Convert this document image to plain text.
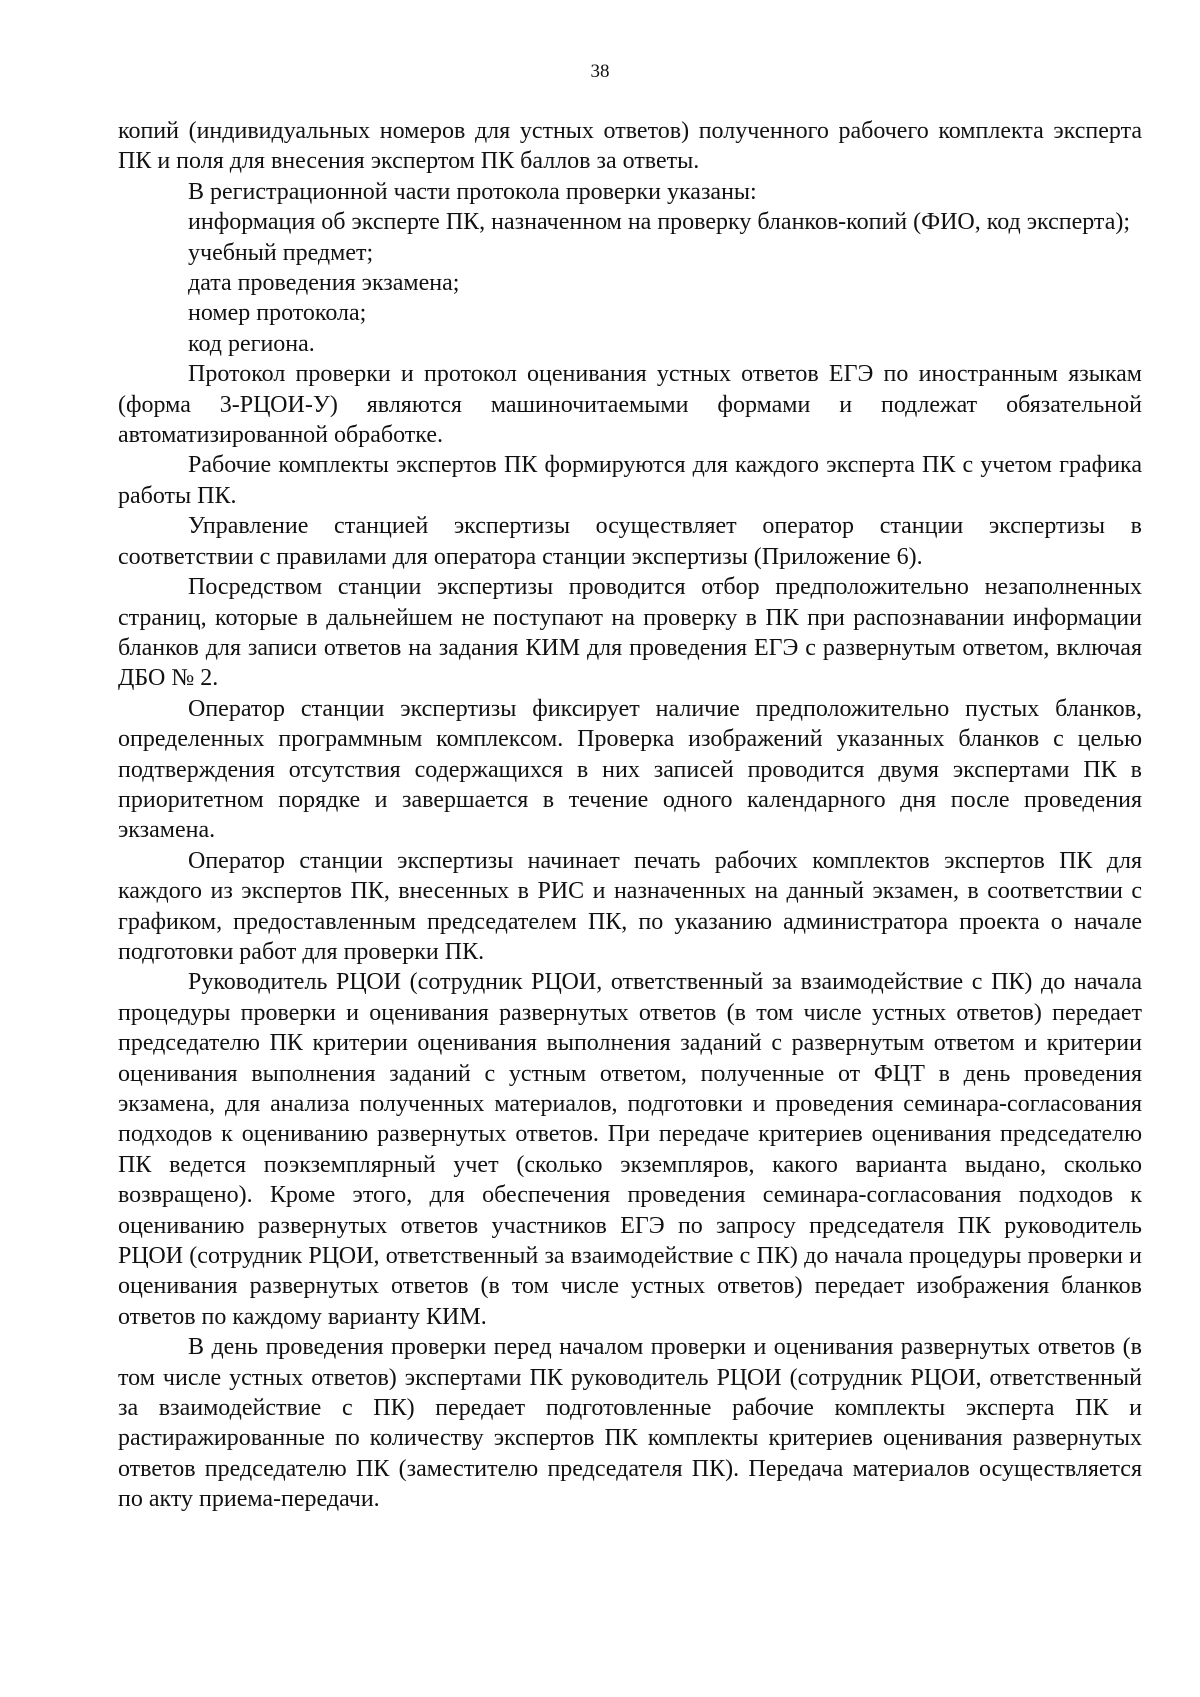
38

копий (индивидуальных номеров для устных ответов) полученного рабочего комплекта эксперта ПК и поля для внесения экспертом ПК баллов за ответы.

В регистрационной части протокола проверки указаны:

информация об эксперте ПК, назначенном на проверку бланков-копий (ФИО, код эксперта);

учебный предмет;

дата проведения экзамена;

номер протокола;

код региона.

Протокол проверки и протокол оценивания устных ответов ЕГЭ по иностранным языкам (форма 3-РЦОИ-У) являются машиночитаемыми формами и подлежат обязательной автоматизированной обработке.

Рабочие комплекты экспертов ПК формируются для каждого эксперта ПК с учетом графика работы ПК.

Управление станцией экспертизы осуществляет оператор станции экспертизы в соответствии с правилами для оператора станции экспертизы (Приложение 6).

Посредством станции экспертизы проводится отбор предположительно незаполненных страниц, которые в дальнейшем не поступают на проверку в ПК при распознавании информации бланков для записи ответов на задания КИМ для проведения ЕГЭ с развернутым ответом, включая ДБО № 2.

Оператор станции экспертизы фиксирует наличие предположительно пустых бланков, определенных программным комплексом. Проверка изображений указанных бланков с целью подтверждения отсутствия содержащихся в них записей проводится двумя экспертами ПК в приоритетном порядке и завершается в течение одного календарного дня после проведения экзамена.

Оператор станции экспертизы начинает печать рабочих комплектов экспертов ПК для каждого из экспертов ПК, внесенных в РИС и назначенных на данный экзамен, в соответствии с графиком, предоставленным председателем ПК, по указанию администратора проекта о начале подготовки работ для проверки ПК.

Руководитель РЦОИ (сотрудник РЦОИ, ответственный за взаимодействие с ПК) до начала процедуры проверки и оценивания развернутых ответов (в том числе устных ответов) передает председателю ПК критерии оценивания выполнения заданий с развернутым ответом и критерии оценивания выполнения заданий с устным ответом, полученные от ФЦТ в день проведения экзамена, для анализа полученных материалов, подготовки и проведения семинара-согласования подходов к оцениванию развернутых ответов. При передаче критериев оценивания председателю ПК ведется поэкземплярный учет (сколько экземпляров, какого варианта выдано, сколько возвращено). Кроме этого, для обеспечения проведения семинара-согласования подходов к оцениванию развернутых ответов участников ЕГЭ по запросу председателя ПК руководитель РЦОИ (сотрудник РЦОИ, ответственный за взаимодействие с ПК) до начала процедуры проверки и оценивания развернутых ответов (в том числе устных ответов) передает изображения бланков ответов по каждому варианту КИМ.

В день проведения проверки перед началом проверки и оценивания развернутых ответов (в том числе устных ответов) экспертами ПК руководитель РЦОИ (сотрудник РЦОИ, ответственный за взаимодействие с ПК) передает подготовленные рабочие комплекты эксперта ПК и растиражированные по количеству экспертов ПК комплекты критериев оценивания развернутых ответов председателю ПК (заместителю председателя ПК). Передача материалов осуществляется по акту приема-передачи.
